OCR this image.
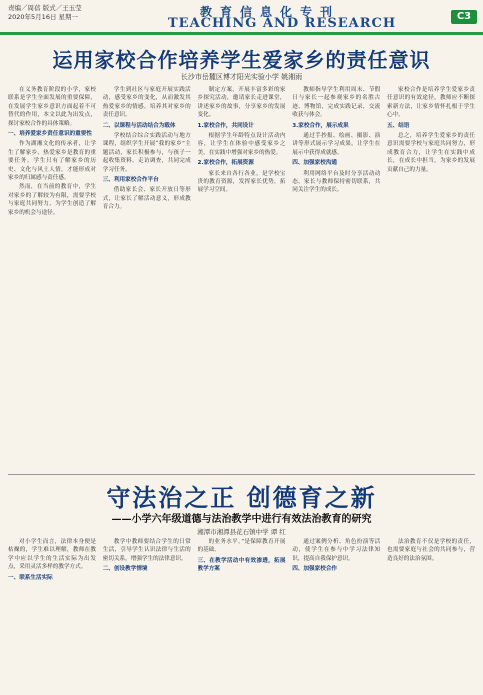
责编／周蓓 版式／王玉莹
2020年5月16日 星期一	教育信息化专刊
TEACHING AND RESEARCH	C3
运用家校合作培养学生爱家乡的责任意识
长沙市岳麓区博才阳光实验小学 姚湘雨

在义务教育阶段的小学，家校联系是学生全面发展的重要保障，在发展学生家乡意识方面起着不可替代的作用，本文以此为出发点，探讨家校合作的具体策略。

一、培养爱家乡责任意识的重要性

作为湖湘文化的传承者，让学生了解家乡、热爱家乡是教育的重要任务。学生只有了解家乡的历史、文化与风土人情，才能形成对家乡的归属感与责任感。

然而，在当前的教育中，学生对家乡的了解较为有限，需要学校与家庭共同努力，为学生创造了解家乡的机会与途径。

学生到社区与家庭开展实践活动，感受家乡的变化，从而激发其热爱家乡的情感，培养其对家乡的责任意识。

二、以课程与活动结合为载体

学校结合综合实践活动与地方课程，组织学生开展“我的家乡”主题活动，家长积极参与，与孩子一起收集资料、走访调查，共同完成学习任务。

三、利用家校合作平台

借助家长会、家长开放日等形式，让家长了解活动意义，形成教育合力。

制定方案，开展丰富多彩的家乡探究活动，邀请家长走进课堂，讲述家乡的故事，分享家乡的发展变化。

1.家校合作，共同设计

根据学生年龄特点设计活动内容，让学生在体验中感受家乡之美，在实践中增强对家乡的热爱。

2.家校合作，拓展资源

家长来自各行各业，是学校宝贵的教育资源，发挥家长优势，拓展学习空间。

教师指导学生利用周末、节假日与家长一起参观家乡的名胜古迹、博物馆，完成实践记录，交流收获与体会。

3.家校合作，展示成果

通过手抄报、绘画、摄影、演讲等形式展示学习成果，让学生在展示中获得成就感。

四、加强家校沟通

利用网络平台及时分享活动动态，家长与教师保持密切联系，共同关注学生的成长。

家校合作是培养学生爱家乡责任意识的有效途径，教师应不断探索新方法，让家乡情怀扎根于学生心中。

五、结语

总之，培养学生爱家乡的责任意识需要学校与家庭共同努力，形成教育合力，让学生在实践中成长，在成长中担当，为家乡的发展贡献自己的力量。

守法治之正 创德育之新
——小学六年级道德与法治教学中进行有效法治教育的研究
湘潭市湘潭县花石镇中学 谭 红

对小学生而言，法律本身便是枯燥的，学生难以理解，教师在教学中应以学生的生活实际为出发点，采用灵活多样的教学方式。

一、联系生活实际

教学中教师要结合学生的日常生活，引导学生认识法律与生活的密切关系，增强学生的法律意识。

二、创设教学情境

的业务水平。”是保障教育开展的基础。

三、在教学活动中有效渗透，拓展教学方案

通过案例分析、角色扮演等活动，使学生在参与中学习法律知识，提高自我保护意识。

四、加强家校合作

法治教育不仅是学校的责任，也需要家庭与社会的共同参与，营造良好的法治氛围。
